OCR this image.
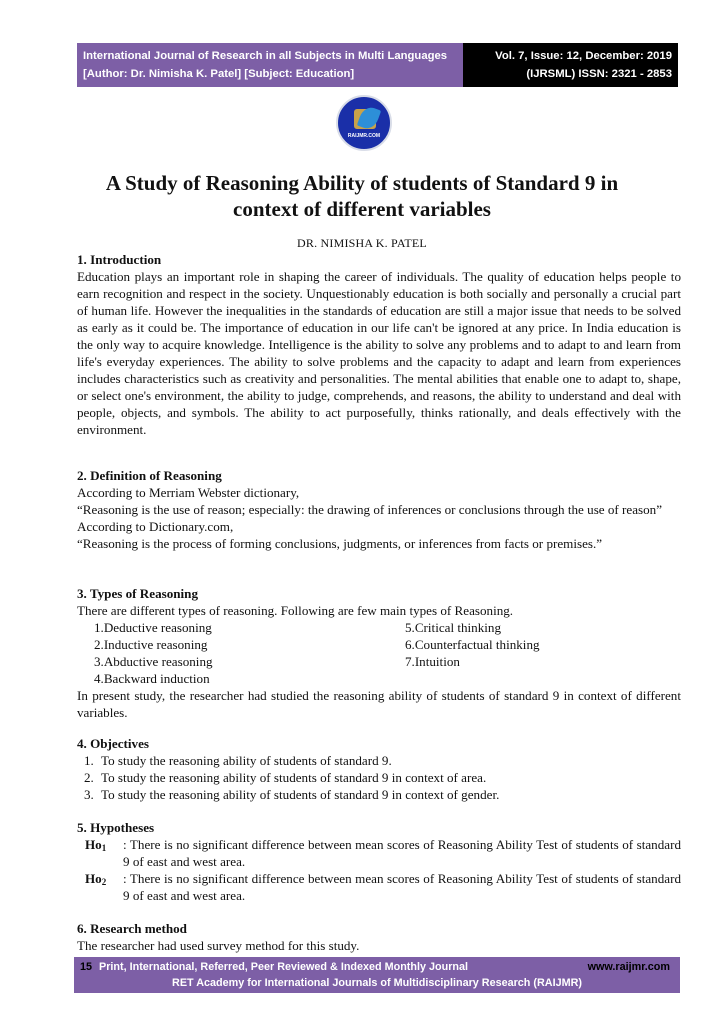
International Journal of Research in all Subjects in Multi Languages
[Author: Dr. Nimisha K. Patel] [Subject: Education]
Vol. 7, Issue: 12, December: 2019
(IJRSML) ISSN: 2321 - 2853
RAIJMR.COM
A Study of Reasoning Ability of students of Standard 9 in
context of different variables
DR. NIMISHA K. PATEL
1. Introduction
Education plays an important role in shaping the career of individuals. The quality of education helps people to earn recognition and respect in the society. Unquestionably education is both socially and personally a crucial part of human life. However the inequalities in the standards of education are still a major issue that needs to be solved as early as it could be. The importance of education in our life can't be ignored at any price. In India education is the only way to acquire knowledge. Intelligence is the ability to solve any problems and to adapt to and learn from life's everyday experiences. The ability to solve problems and the capacity to adapt and learn from experiences includes characteristics such as creativity and personalities. The mental abilities that enable one to adapt to, shape, or select one's environment, the ability to judge, comprehends, and reasons, the ability to understand and deal with people, objects, and symbols. The ability to act purposefully, thinks rationally, and deals effectively with the environment.
2. Definition of Reasoning
According to Merriam Webster dictionary,
“Reasoning is the use of reason; especially: the drawing of inferences or conclusions through the use of reason”
According to Dictionary.com,
“Reasoning is the process of forming conclusions, judgments, or inferences from facts or premises.”
3. Types of Reasoning
There are different types of reasoning. Following are few main types of Reasoning.
1.Deductive reasoning	5.Critical thinking
2.Inductive reasoning	6.Counterfactual thinking
3.Abductive reasoning	7.Intuition
4.Backward induction
In present study, the researcher had studied the reasoning ability of students of standard 9 in context of different variables.
4. Objectives
1. To study the reasoning ability of students of standard 9.
2. To study the reasoning ability of students of standard 9 in context of area.
3. To study the reasoning ability of students of standard 9 in context of gender.
5. Hypotheses
$Ho_1$	: There is no significant difference between mean scores of Reasoning Ability Test of students of standard 9 of east and west area.
$Ho_2$	: There is no significant difference between mean scores of Reasoning Ability Test of students of standard 9 of east and west area.
6. Research method
The researcher had used survey method for this study.
15 Print, International, Referred, Peer Reviewed & Indexed Monthly Journal	www.raijmr.com
RET Academy for International Journals of Multidisciplinary Research (RAIJMR)
